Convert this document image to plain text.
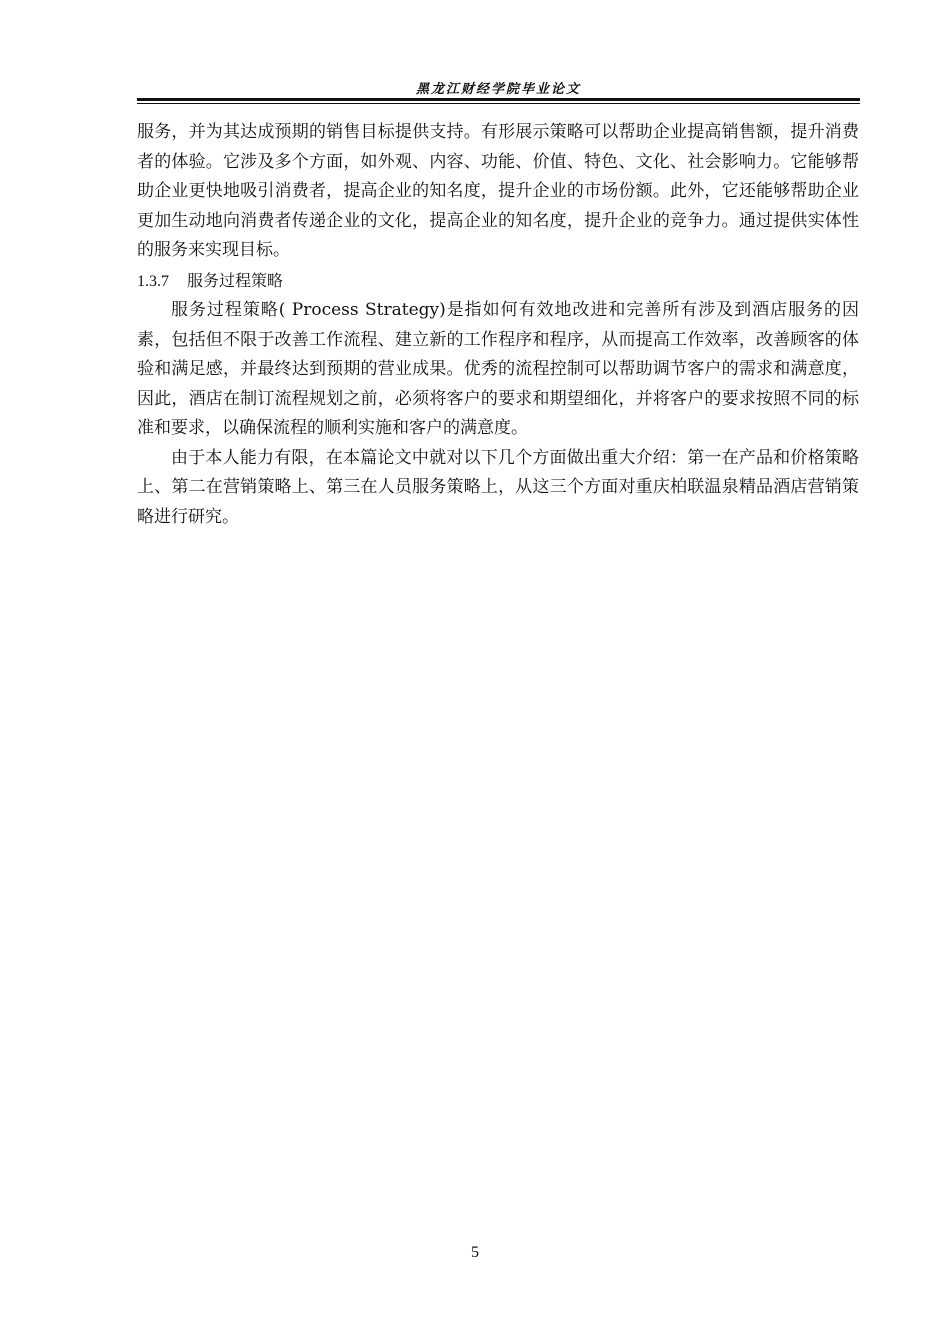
黑龙江财经学院毕业论文

服务，并为其达成预期的销售目标提供支持。有形展示策略可以帮助企业提高销售额，提升消费者的体验。它涉及多个方面，如外观、内容、功能、价值、特色、文化、社会影响力。它能够帮助企业更快地吸引消费者，提高企业的知名度，提升企业的市场份额。此外，它还能够帮助企业更加生动地向消费者传递企业的文化，提高企业的知名度，提升企业的竞争力。通过提供实体性的服务来实现目标。

1.3.7 服务过程策略

服务过程策略( Process Strategy)是指如何有效地改进和完善所有涉及到酒店服务的因素，包括但不限于改善工作流程、建立新的工作程序和程序，从而提高工作效率，改善顾客的体验和满足感，并最终达到预期的营业成果。优秀的流程控制可以帮助调节客户的需求和满意度，因此，酒店在制订流程规划之前，必须将客户的要求和期望细化，并将客户的要求按照不同的标准和要求，以确保流程的顺利实施和客户的满意度。

由于本人能力有限，在本篇论文中就对以下几个方面做出重大介绍：第一在产品和价格策略上、第二在营销策略上、第三在人员服务策略上，从这三个方面对重庆柏联温泉精品酒店营销策略进行研究。

5
